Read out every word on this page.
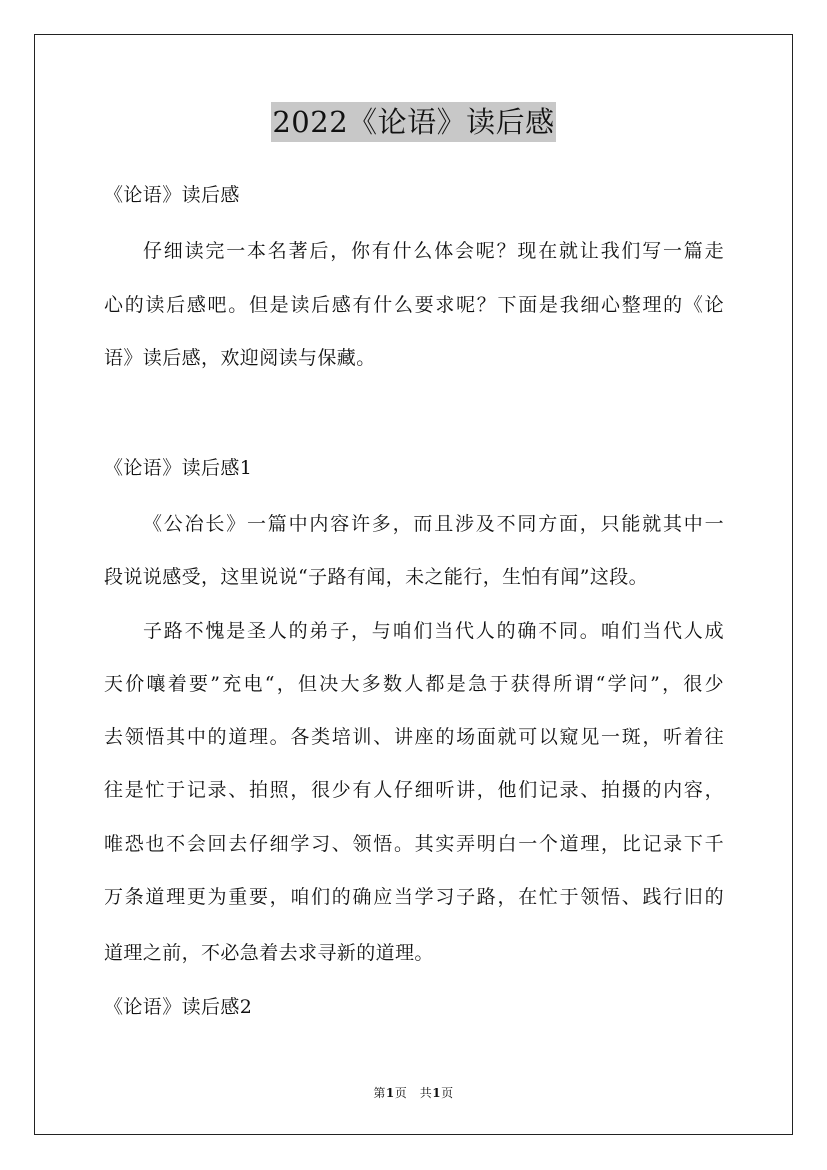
2022《论语》读后感
《论语》读后感
仔细读完一本名著后，你有什么体会呢？现在就让我们写一篇走
心的读后感吧。但是读后感有什么要求呢？下面是我细心整理的《论
语》读后感，欢迎阅读与保藏。
《论语》读后感1
《公冶长》一篇中内容许多，而且涉及不同方面，只能就其中一
段说说感受，这里说说“子路有闻，未之能行，生怕有闻”这段。
子路不愧是圣人的弟子，与咱们当代人的确不同。咱们当代人成
天价嚷着要”充电“，但决大多数人都是急于获得所谓“学问”，很少
去领悟其中的道理。各类培训、讲座的场面就可以窥见一斑，听着往
往是忙于记录、拍照，很少有人仔细听讲，他们记录、拍摄的内容，
唯恐也不会回去仔细学习、领悟。其实弄明白一个道理，比记录下千
万条道理更为重要，咱们的确应当学习子路，在忙于领悟、践行旧的
道理之前，不必急着去求寻新的道理。
《论语》读后感2
第1页　共1页
